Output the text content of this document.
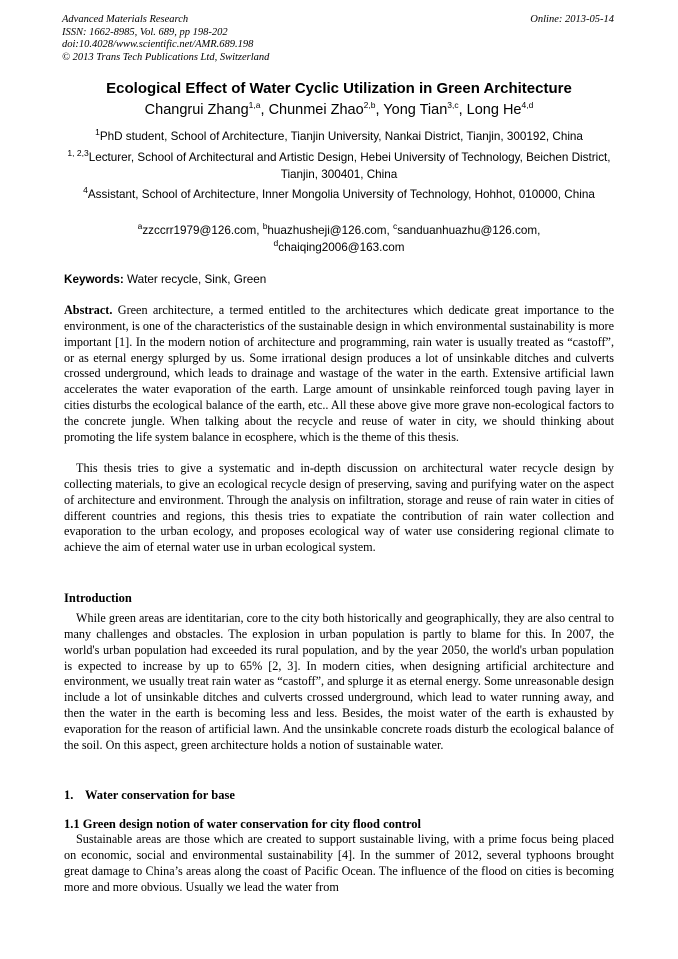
Advanced Materials Research
ISSN: 1662-8985, Vol. 689, pp 198-202
doi:10.4028/www.scientific.net/AMR.689.198
© 2013 Trans Tech Publications Ltd, Switzerland
Online: 2013-05-14
Ecological Effect of Water Cyclic Utilization in Green Architecture
Changrui Zhang$^{1,a}$, Chunmei Zhao$^{2,b}$, Yong Tian$^{3,c}$, Long He$^{4,d}$
$^1$PhD student, School of Architecture, Tianjin University, Nankai District, Tianjin, 300192, China
$^{1, 2,3}$Lecturer, School of Architectural and Artistic Design, Hebei University of Technology, Beichen District, Tianjin, 300401, China
$^4$Assistant, School of Architecture, Inner Mongolia University of Technology, Hohhot, 010000, China
$^a$zzccrr1979@126.com, $^b$huazhusheji@126.com, $^c$sanduanhuazhu@126.com,
$^d$chaiqing2006@163.com
Keywords: Water recycle, Sink, Green
Abstract. Green architecture, a termed entitled to the architectures which dedicate great importance to the environment, is one of the characteristics of the sustainable design in which environmental sustainability is more important [1]. In the modern notion of architecture and programming, rain water is usually treated as “castoff”, or as eternal energy splurged by us. Some irrational design produces a lot of unsinkable ditches and culverts crossed underground, which leads to drainage and wastage of the water in the earth. Extensive artificial lawn accelerates the water evaporation of the earth. Large amount of unsinkable reinforced tough paving layer in cities disturbs the ecological balance of the earth, etc.. All these above give more grave non-ecological factors to the concrete jungle. When talking about the recycle and reuse of water in city, we should thinking about promoting the life system balance in ecosphere, which is the theme of this thesis.
This thesis tries to give a systematic and in-depth discussion on architectural water recycle design by collecting materials, to give an ecological recycle design of preserving, saving and purifying water on the aspect of architecture and environment. Through the analysis on infiltration, storage and reuse of rain water in cities of different countries and regions, this thesis tries to expatiate the contribution of rain water collection and evaporation to the urban ecology, and proposes ecological way of water use considering regional climate to achieve the aim of eternal water use in urban ecological system.
Introduction
While green areas are identitarian, core to the city both historically and geographically, they are also central to many challenges and obstacles. The explosion in urban population is partly to blame for this. In 2007, the world's urban population had exceeded its rural population, and by the year 2050, the world's urban population is expected to increase by up to 65% [2, 3]. In modern cities, when designing artificial architecture and environment, we usually treat rain water as “castoff”, and splurge it as eternal energy. Some unreasonable design include a lot of unsinkable ditches and culverts crossed underground, which lead to water running away, and then the water in the earth is becoming less and less. Besides, the moist water of the earth is exhausted by evaporation for the reason of artificial lawn. And the unsinkable concrete roads disturb the ecological balance of the soil. On this aspect, green architecture holds a notion of sustainable water.
1. Water conservation for base
1.1 Green design notion of water conservation for city flood control
Sustainable areas are those which are created to support sustainable living, with a prime focus being placed on economic, social and environmental sustainability [4]. In the summer of 2012, several typhoons brought great damage to China’s areas along the coast of Pacific Ocean. The influence of the flood on cities is becoming more and more obvious. Usually we lead the water from
